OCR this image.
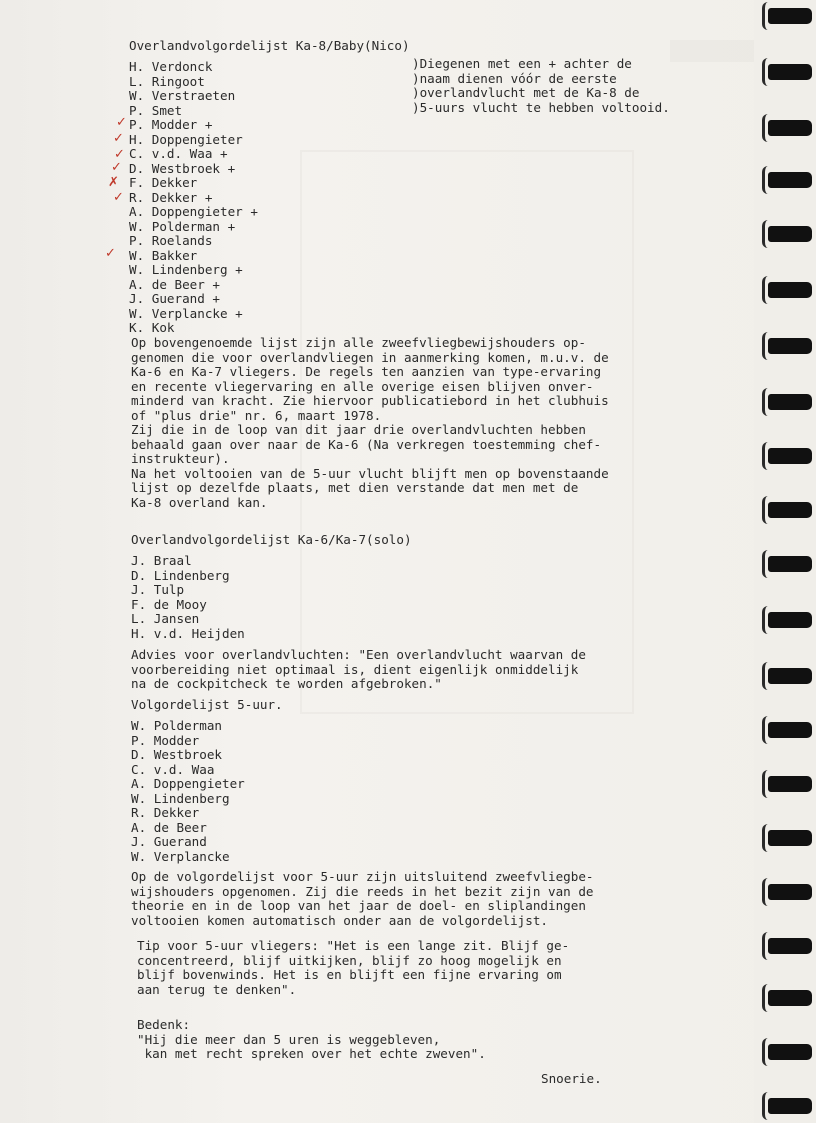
Overlandvolgordelijst Ka-8/Baby(Nico)
H. Verdonck
L. Ringoot
W. Verstraeten
P. Smet
P. Modder +
H. Doppengieter
C. v.d. Waa +
D. Westbroek +
F. Dekker
R. Dekker +
A. Doppengieter +
W. Polderman +
P. Roelands
W. Bakker
W. Lindenberg +
A. de Beer +
J. Guerand +
W. Verplancke +
K. Kok
✓
✓
✓
✓
✗
✓
✓
)Diegenen met een + achter de
)naam dienen vóór de eerste
)overlandvlucht met de Ka-8 de
)5-uurs vlucht te hebben voltooid.
Op bovengenoemde lijst zijn alle zweefvliegbewijshouders op-
genomen die voor overlandvliegen in aanmerking komen, m.u.v. de
Ka-6 en Ka-7 vliegers. De regels ten aanzien van type-ervaring
en recente vliegervaring en alle overige eisen blijven onver-
minderd van kracht. Zie hiervoor publicatiebord in het clubhuis
of "plus drie" nr. 6, maart 1978.
Zij die in de loop van dit jaar drie overlandvluchten hebben
behaald gaan over naar de Ka-6 (Na verkregen toestemming chef-
instrukteur).
Na het voltooien van de 5-uur vlucht blijft men op bovenstaande
lijst op dezelfde plaats, met dien verstande dat men met de
Ka-8 overland kan.
Overlandvolgordelijst Ka-6/Ka-7(solo)
J. Braal
D. Lindenberg
J. Tulp
F. de Mooy
L. Jansen
H. v.d. Heijden
Advies voor overlandvluchten: "Een overlandvlucht waarvan de
voorbereiding niet optimaal is, dient eigenlijk onmiddelijk
na de cockpitcheck te worden afgebroken."
Volgordelijst 5-uur.
W. Polderman
P. Modder
D. Westbroek
C. v.d. Waa
A. Doppengieter
W. Lindenberg
R. Dekker
A. de Beer
J. Guerand
W. Verplancke
Op de volgordelijst voor 5-uur zijn uitsluitend zweefvliegbe-
wijshouders opgenomen. Zij die reeds in het bezit zijn van de
theorie en in de loop van het jaar de doel- en sliplandingen
voltooien komen automatisch onder aan de volgordelijst.
Tip voor 5-uur vliegers: "Het is een lange zit. Blijf ge-
concentreerd, blijf uitkijken, blijf zo hoog mogelijk en
blijf bovenwinds. Het is en blijft een fijne ervaring om
aan terug te denken".
Bedenk:
"Hij die meer dan 5 uren is weggebleven,
kan met recht spreken over het echte zweven".
Snoerie.
